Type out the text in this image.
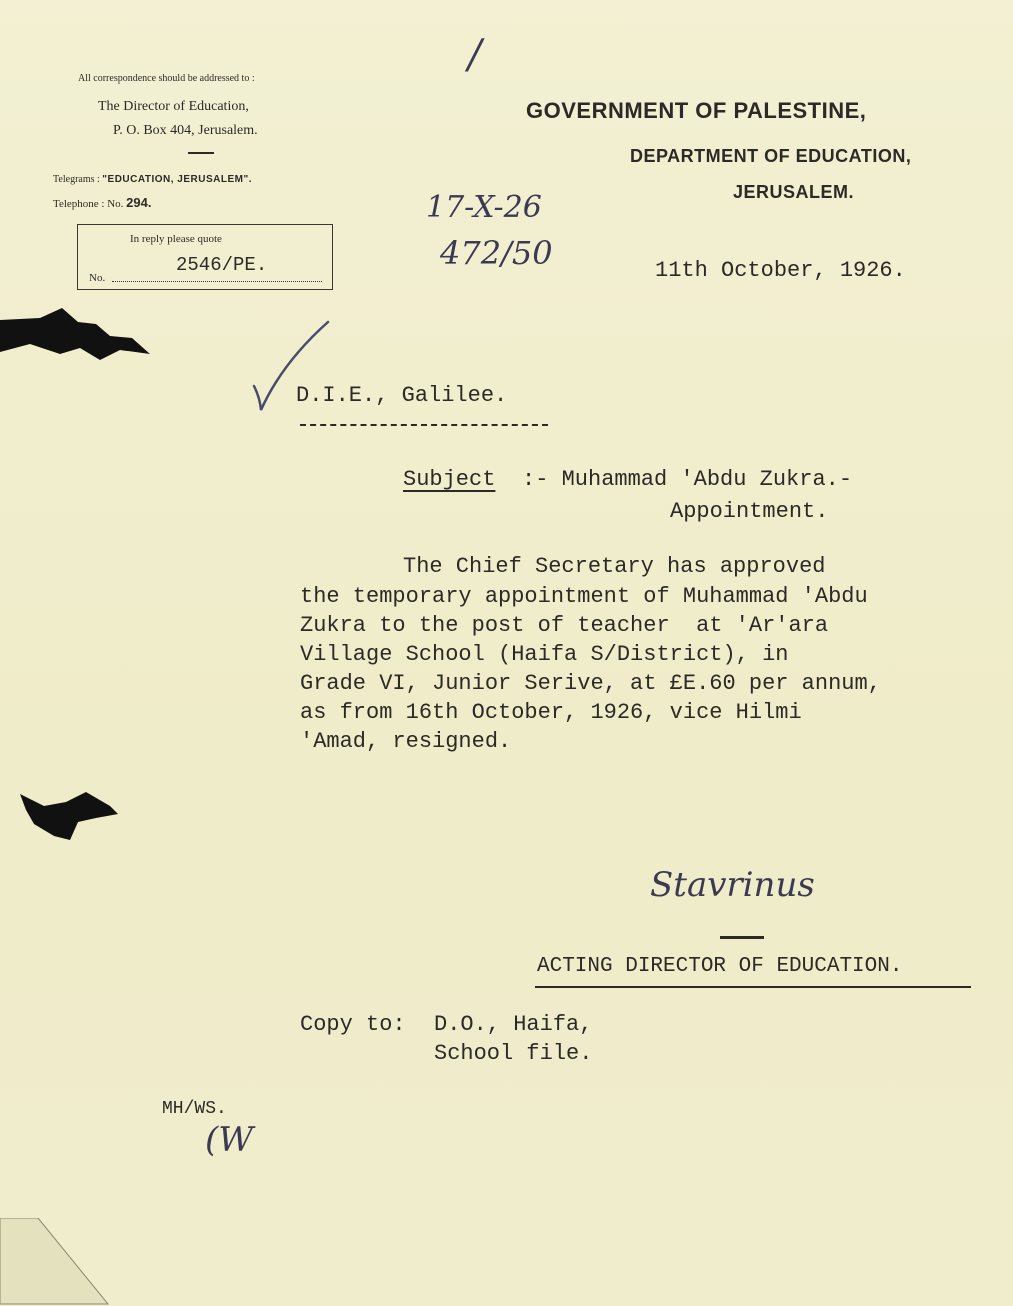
All correspondence should be addressed to :
The Director of Education,
P. O. Box 404, Jerusalem.
Telegrams : "EDUCATION, JERUSALEM".
Telephone : No. 294.
In reply please quote
No.
2546/PE.
GOVERNMENT OF PALESTINE,
DEPARTMENT OF EDUCATION,
JERUSALEM.
/
17-X-26
472/50	11th October, 1926.
D.I.E., Galilee.
Subject :- Muhammad 'Abdu Zukra.-
Appointment.
The Chief Secretary has approved
the temporary appointment of Muhammad 'Abdu
Zukra to the post of teacher  at 'Ar'ara
Village School (Haifa S/District), in
Grade VI, Junior Serive, at £E.60 per annum,
as from 16th October, 1926, vice Hilmi
'Amad, resigned.
Stavrinus
ACTING DIRECTOR OF EDUCATION.
Copy to: D.O., Haifa,
School file.
MH/WS.
(W
